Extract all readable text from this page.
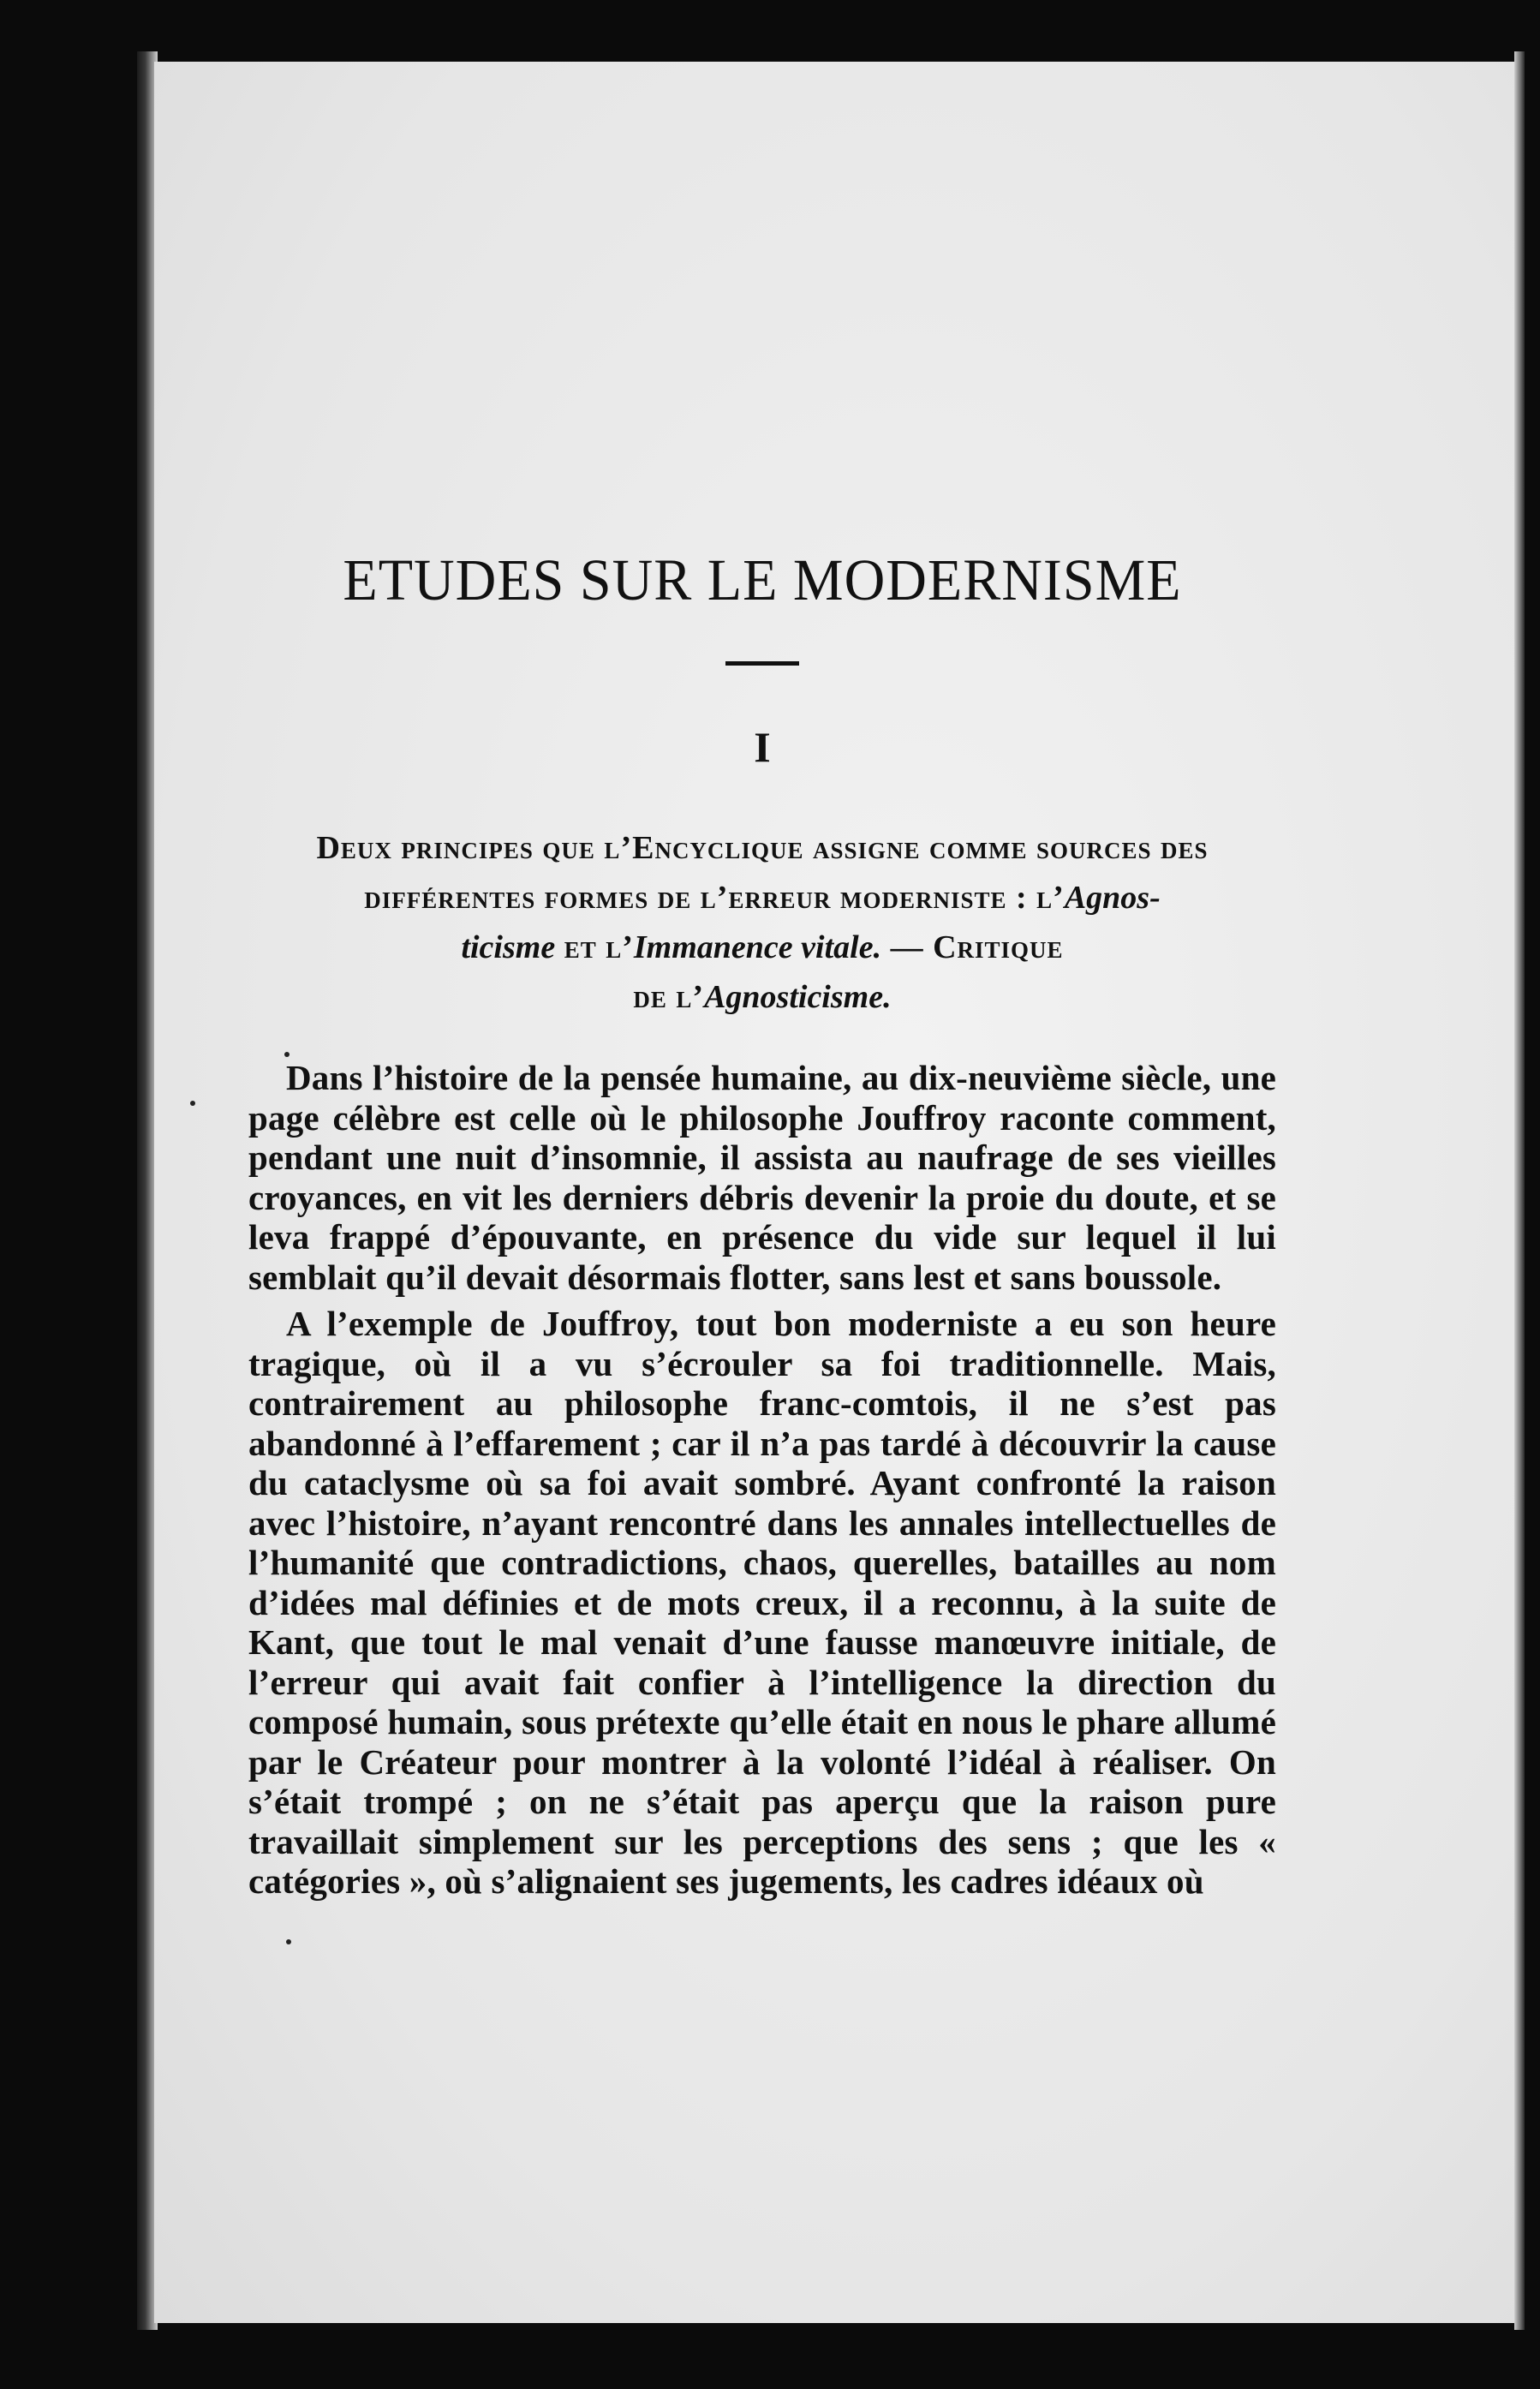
ETUDES SUR LE MODERNISME
I
Deux principes que l’Encyclique assigne comme sources des
différentes formes de l’erreur moderniste : l’Agnos-
ticisme et l’Immanence vitale. — Critique
de l’Agnosticisme.

Dans l’histoire de la pensée humaine, au dix-neuvième siècle, une page célèbre est celle où le philosophe Jouffroy raconte comment, pendant une nuit d’insomnie, il assista au naufrage de ses vieilles croyances, en vit les derniers débris devenir la proie du doute, et se leva frappé d’épouvante, en présence du vide sur lequel il lui semblait qu’il devait désormais flotter, sans lest et sans boussole.

A l’exemple de Jouffroy, tout bon moderniste a eu son heure tragique, où il a vu s’écrouler sa foi traditionnelle. Mais, contrairement au philosophe franc-comtois, il ne s’est pas abandonné à l’effarement ; car il n’a pas tardé à découvrir la cause du cataclysme où sa foi avait sombré. Ayant confronté la raison avec l’histoire, n’ayant rencontré dans les annales intellectuelles de l’humanité que contradictions, chaos, querelles, batailles au nom d’idées mal définies et de mots creux, il a reconnu, à la suite de Kant, que tout le mal venait d’une fausse manœuvre initiale, de l’erreur qui avait fait confier à l’intelligence la direction du composé humain, sous prétexte qu’elle était en nous le phare allumé par le Créateur pour montrer à la volonté l’idéal à réaliser. On s’était trompé ; on ne s’était pas aperçu que la raison pure travaillait simplement sur les perceptions des sens ; que les « catégories », où s’alignaient ses jugements, les cadres idéaux où
